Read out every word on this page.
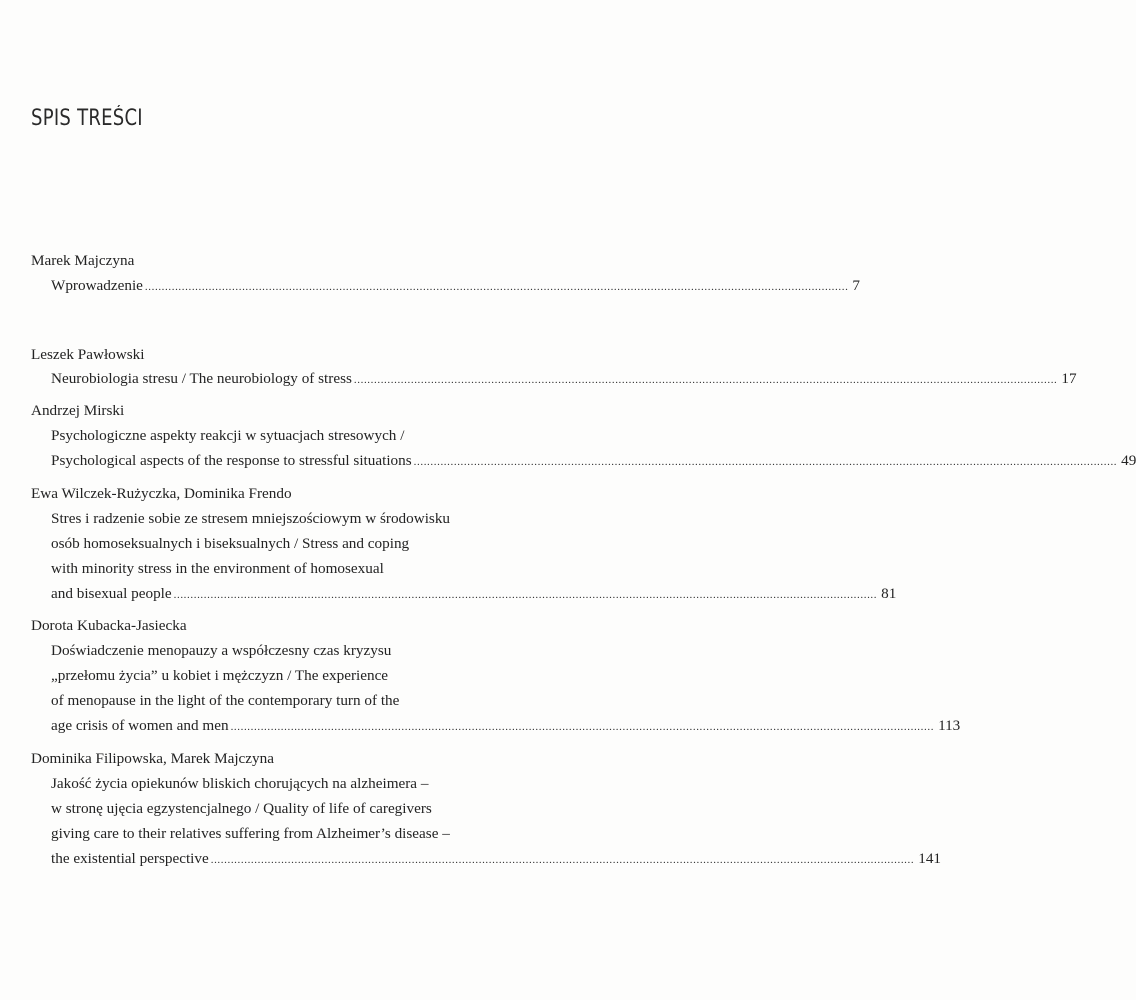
SPIS TREŚCI
Marek Majczyna
Wprowadzenie .................................................................................................................................................................................................................. 7
Leszek Pawłowski
Neurobiologia stresu / The neurobiology of stress .................................................................................................................................................................................................................. 17
Andrzej Mirski
Psychologiczne aspekty reakcji w sytuacjach stresowych /
Psychological aspects of the response to stressful situations .................................................................................................................................................................................................................. 49
Ewa Wilczek-Rużyczka, Dominika Frendo
Stres i radzenie sobie ze stresem mniejszościowym w środowisku
osób homoseksualnych i biseksualnych / Stress and coping
with minority stress in the environment of homosexual
and bisexual people .................................................................................................................................................................................................................. 81
Dorota Kubacka-Jasiecka
Doświadczenie menopauzy a współczesny czas kryzysu
„przełomu życia” u kobiet i mężczyzn / The experience
of menopause in the light of the contemporary turn of the
age crisis of women and men .................................................................................................................................................................................................................. 113
Dominika Filipowska, Marek Majczyna
Jakość życia opiekunów bliskich chorujących na alzheimera –
w stronę ujęcia egzystencjalnego / Quality of life of caregivers
giving care to their relatives suffering from Alzheimer’s disease –
the existential perspective .................................................................................................................................................................................................................. 141
